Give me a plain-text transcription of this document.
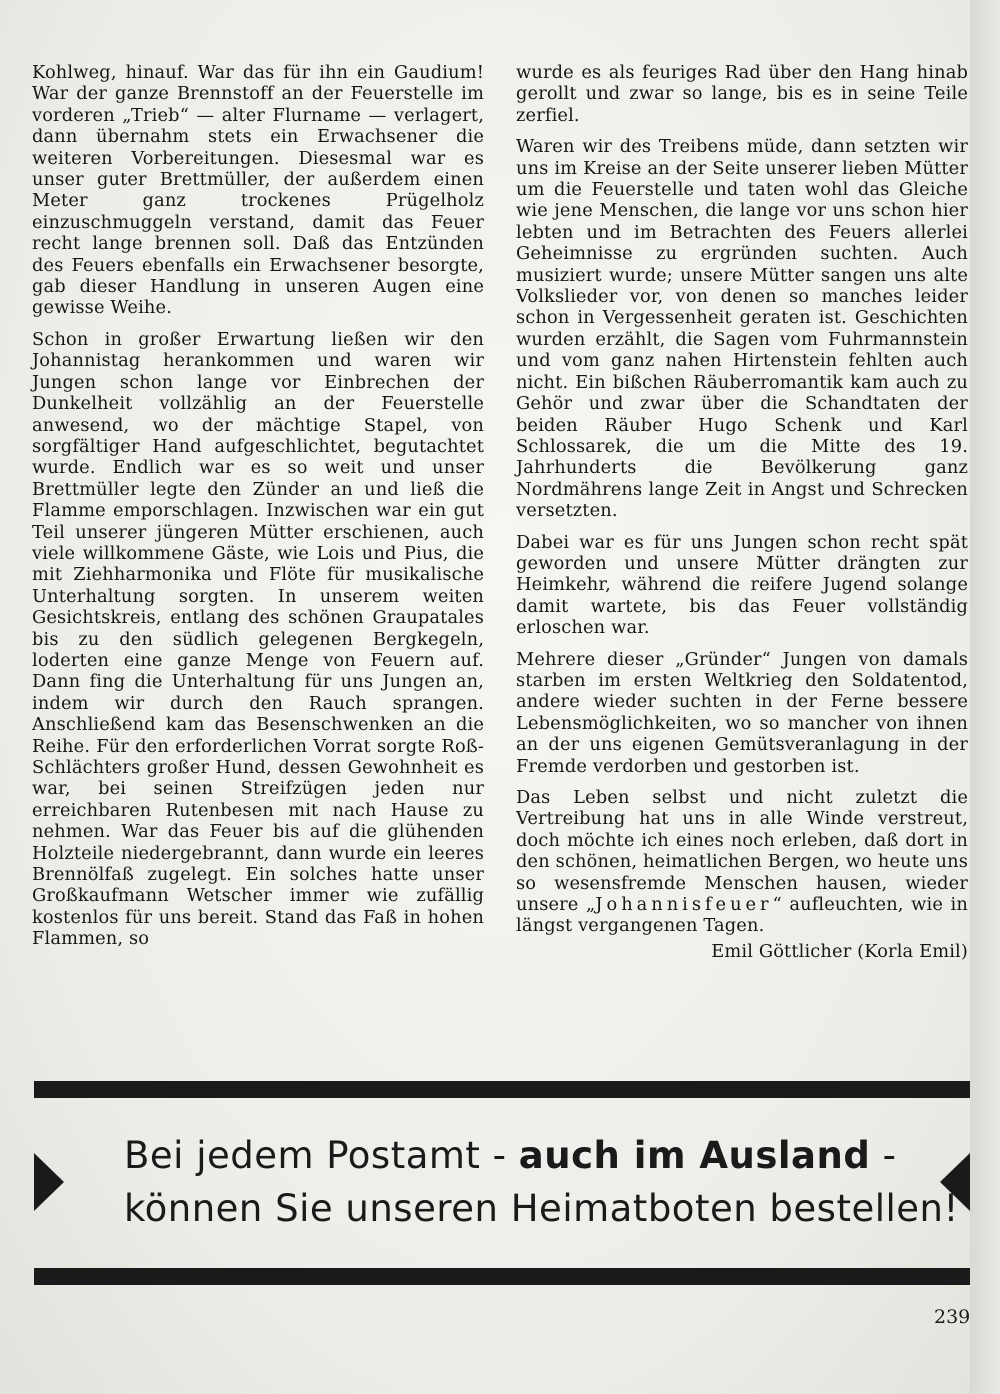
Kohlweg, hinauf. War das für ihn ein Gaudium! War der ganze Brennstoff an der Feuerstelle im vorderen „Trieb“ — alter Flurname — verlagert, dann übernahm stets ein Erwachsener die weiteren Vorbereitungen. Diesesmal war es unser guter Brettmüller, der außerdem einen Meter ganz trockenes Prügelholz einzuschmuggeln verstand, damit das Feuer recht lange brennen soll. Daß das Entzünden des Feuers ebenfalls ein Erwachsener besorgte, gab dieser Handlung in unseren Augen eine gewisse Weihe.

Schon in großer Erwartung ließen wir den Johannistag herankommen und waren wir Jungen schon lange vor Einbrechen der Dunkelheit vollzählig an der Feuerstelle anwesend, wo der mächtige Stapel, von sorgfältiger Hand aufgeschlichtet, begutachtet wurde. Endlich war es so weit und unser Brettmüller legte den Zünder an und ließ die Flamme emporschlagen. Inzwischen war ein gut Teil unserer jüngeren Mütter erschienen, auch viele willkommene Gäste, wie Lois und Pius, die mit Ziehharmonika und Flöte für musikalische Unterhaltung sorgten. In unserem weiten Gesichtskreis, entlang des schönen Graupatales bis zu den südlich gelegenen Bergkegeln, loderten eine ganze Menge von Feuern auf. Dann fing die Unterhaltung für uns Jungen an, indem wir durch den Rauch sprangen. Anschließend kam das Besenschwenken an die Reihe. Für den erforderlichen Vorrat sorgte Roß-Schlächters großer Hund, dessen Gewohnheit es war, bei seinen Streifzügen jeden nur erreichbaren Rutenbesen mit nach Hause zu nehmen. War das Feuer bis auf die glühenden Holzteile niedergebrannt, dann wurde ein leeres Brennölfaß zugelegt. Ein solches hatte unser Großkaufmann Wetscher immer wie zufällig kostenlos für uns bereit. Stand das Faß in hohen Flammen, so

wurde es als feuriges Rad über den Hang hinab gerollt und zwar so lange, bis es in seine Teile zerfiel.

Waren wir des Treibens müde, dann setzten wir uns im Kreise an der Seite unserer lieben Mütter um die Feuerstelle und taten wohl das Gleiche wie jene Menschen, die lange vor uns schon hier lebten und im Betrachten des Feuers allerlei Geheimnisse zu ergründen suchten. Auch musiziert wurde; unsere Mütter sangen uns alte Volkslieder vor, von denen so manches leider schon in Vergessenheit geraten ist. Geschichten wurden erzählt, die Sagen vom Fuhrmannstein und vom ganz nahen Hirtenstein fehlten auch nicht. Ein bißchen Räuberromantik kam auch zu Gehör und zwar über die Schandtaten der beiden Räuber Hugo Schenk und Karl Schlossarek, die um die Mitte des 19. Jahrhunderts die Bevölkerung ganz Nordmährens lange Zeit in Angst und Schrecken versetzten.

Dabei war es für uns Jungen schon recht spät geworden und unsere Mütter drängten zur Heimkehr, während die reifere Jugend solange damit wartete, bis das Feuer vollständig erloschen war.

Mehrere dieser „Gründer“ Jungen von damals starben im ersten Weltkrieg den Soldatentod, andere wieder suchten in der Ferne bessere Lebensmöglichkeiten, wo so mancher von ihnen an der uns eigenen Gemütsveranlagung in der Fremde verdorben und gestorben ist.

Das Leben selbst und nicht zuletzt die Vertreibung hat uns in alle Winde verstreut, doch möchte ich eines noch erleben, daß dort in den schönen, heimatlichen Bergen, wo heute uns so wesensfremde Menschen hausen, wieder unsere „Johannisfeuer“ aufleuchten, wie in längst vergangenen Tagen.

Emil Göttlicher (Korla Emil)

Bei jedem Postamt - auch im Ausland -
können Sie unseren Heimatboten bestellen!
239
